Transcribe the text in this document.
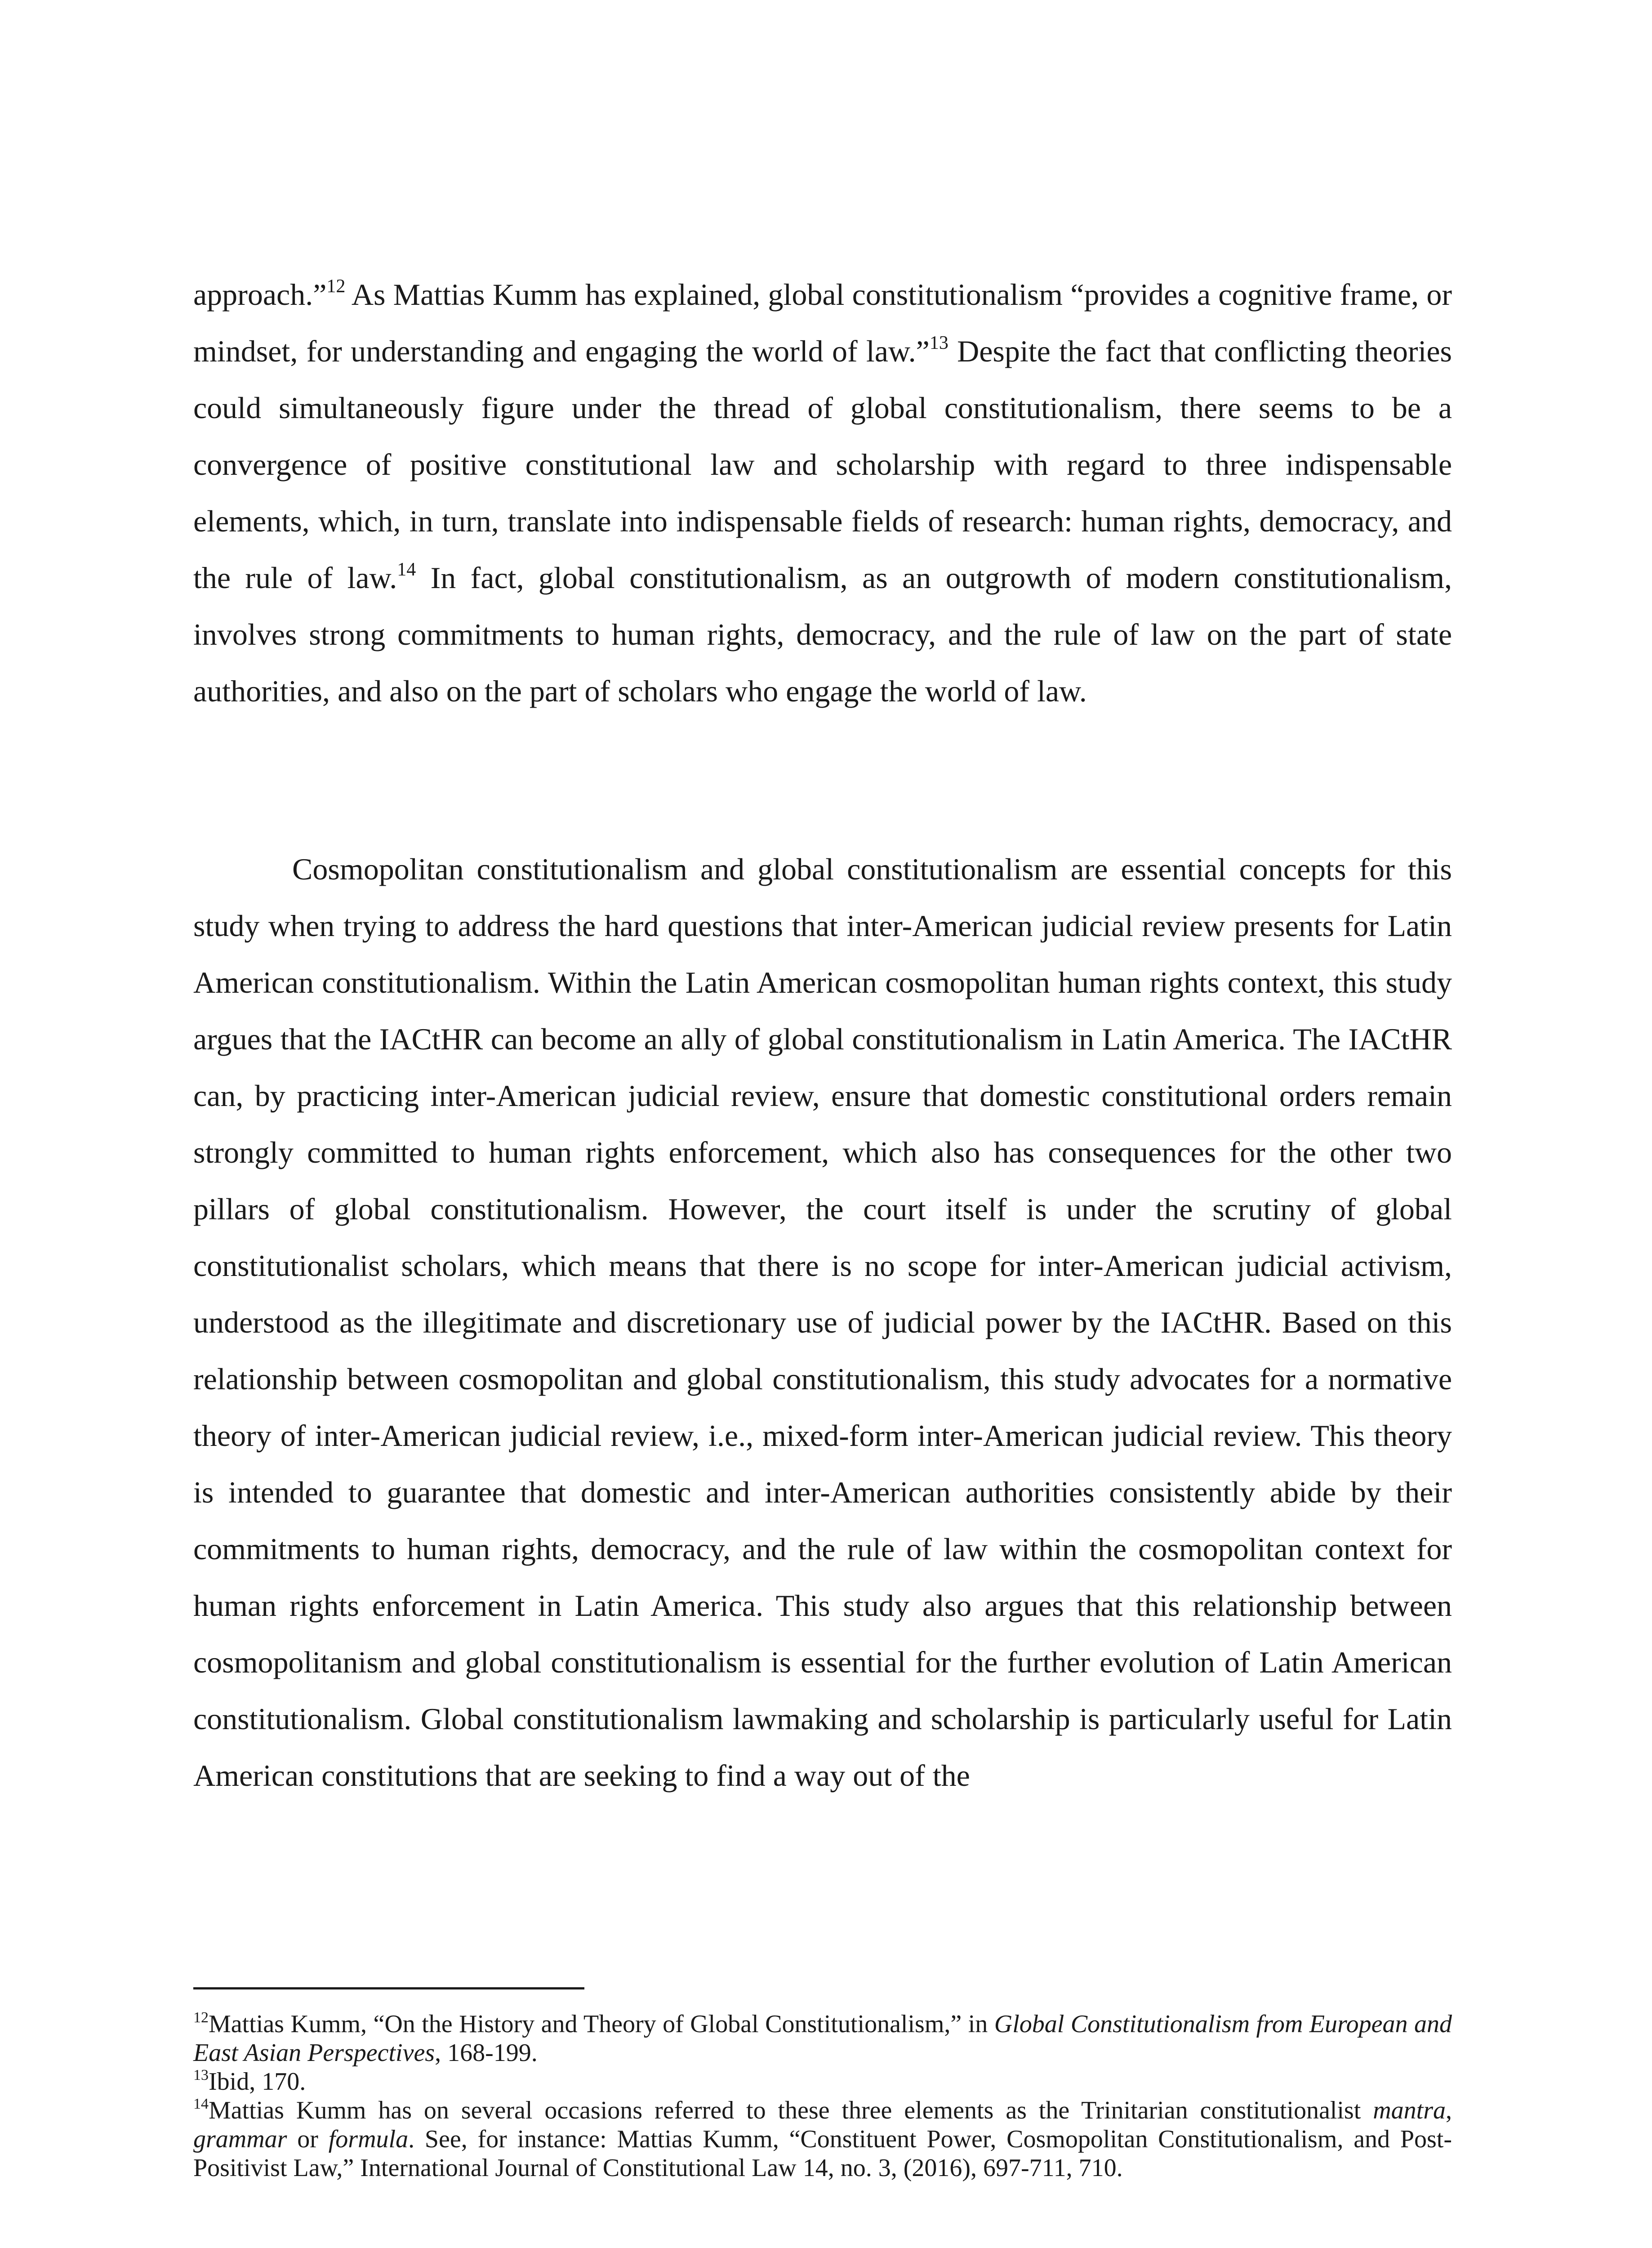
approach.”$^{12}$ As Mattias Kumm has explained, global constitutionalism “provides a cognitive frame, or mindset, for understanding and engaging the world of law.”$^{13}$ Despite the fact that conflicting theories could simultaneously figure under the thread of global constitutionalism, there seems to be a convergence of positive constitutional law and scholarship with regard to three indispensable elements, which, in turn, translate into indispensable fields of research: human rights, democracy, and the rule of law.$^{14}$ In fact, global constitutionalism, as an outgrowth of modern constitutionalism, involves strong commitments to human rights, democracy, and the rule of law on the part of state authorities, and also on the part of scholars who engage the world of law.

Cosmopolitan constitutionalism and global constitutionalism are essential concepts for this study when trying to address the hard questions that inter-American judicial review presents for Latin American constitutionalism. Within the Latin American cosmopolitan human rights context, this study argues that the IACtHR can become an ally of global constitutionalism in Latin America. The IACtHR can, by practicing inter-American judicial review, ensure that domestic constitutional orders remain strongly committed to human rights enforcement, which also has consequences for the other two pillars of global constitutionalism. However, the court itself is under the scrutiny of global constitutionalist scholars, which means that there is no scope for inter-American judicial activism, understood as the illegitimate and discretionary use of judicial power by the IACtHR. Based on this relationship between cosmopolitan and global constitutionalism, this study advocates for a normative theory of inter-American judicial review, i.e., mixed-form inter-American judicial review. This theory is intended to guarantee that domestic and inter-American authorities consistently abide by their commitments to human rights, democracy, and the rule of law within the cosmopolitan context for human rights enforcement in Latin America. This study also argues that this relationship between cosmopolitanism and global constitutionalism is essential for the further evolution of Latin American constitutionalism. Global constitutionalism lawmaking and scholarship is particularly useful for Latin American constitutions that are seeking to find a way out of the

$^{12}$Mattias Kumm, “On the History and Theory of Global Constitutionalism,” in Global Constitutionalism from European and East Asian Perspectives, 168-199.

$^{13}$Ibid, 170.

$^{14}$Mattias Kumm has on several occasions referred to these three elements as the Trinitarian constitutionalist mantra, grammar or formula. See, for instance: Mattias Kumm, “Constituent Power, Cosmopolitan Constitutionalism, and Post-Positivist Law,” International Journal of Constitutional Law 14, no. 3, (2016), 697-711, 710.
